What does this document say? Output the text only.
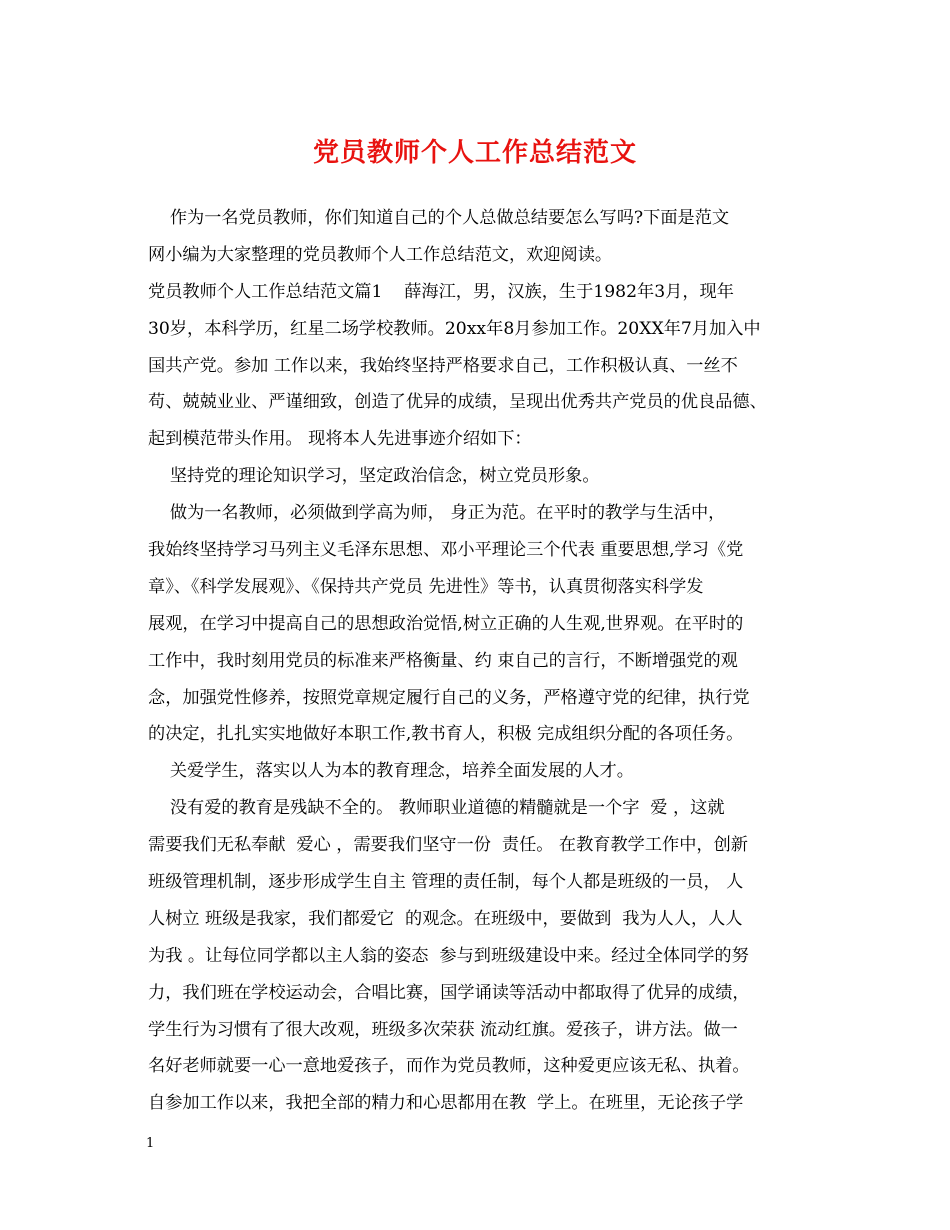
党员教师个人工作总结范文
作为一名党员教师，你们知道自己的个人总做总结要怎么写吗?下面是范文
网小编为大家整理的党员教师个人工作总结范文，欢迎阅读。
党员教师个人工作总结范文篇1    薛海江，男，汉族，生于1982年3月，现年
30岁，本科学历，红星二场学校教师。20xx年8月参加工作。20XX年7月加入中
国共产党。参加 工作以来，我始终坚持严格要求自己，工作积极认真、一丝不
苟、兢兢业业、严谨细致，创造了优异的成绩，呈现出优秀共产党员的优良品德、
起到模范带头作用。 现将本人先进事迹介绍如下：
坚持党的理论知识学习，坚定政治信念，树立党员形象。
做为一名教师，必须做到学高为师， 身正为范。在平时的教学与生活中，
我始终坚持学习马列主义毛泽东思想、邓小平理论三个代表 重要思想,学习《党
章》、《科学发展观》、《保持共产党员 先进性》等书，认真贯彻落实科学发
展观，在学习中提高自己的思想政治觉悟,树立正确的人生观,世界观。在平时的
工作中，我时刻用党员的标准来严格衡量、约 束自己的言行，不断增强党的观
念，加强党性修养，按照党章规定履行自己的义务，严格遵守党的纪律，执行党
的决定，扎扎实实地做好本职工作,教书育人，积极 完成组织分配的各项任务。
关爱学生，落实以人为本的教育理念，培养全面发展的人才。
没有爱的教育是残缺不全的。 教师职业道德的精髓就是一个字  爱 ，这就
需要我们无私奉献  爱心 ，需要我们坚守一份  责任。 在教育教学工作中，创新
班级管理机制，逐步形成学生自主 管理的责任制，每个人都是班级的一员， 人
人树立 班级是我家，我们都爱它  的观念。在班级中，要做到  我为人人，人人
为我 。让每位同学都以主人翁的姿态  参与到班级建设中来。经过全体同学的努
力，我们班在学校运动会，合唱比赛，国学诵读等活动中都取得了优异的成绩，
学生行为习惯有了很大改观，班级多次荣获 流动红旗。爱孩子，讲方法。做一
名好老师就要一心一意地爱孩子，而作为党员教师，这种爱更应该无私、执着。
自参加工作以来，我把全部的精力和心思都用在教  学上。在班里，无论孩子学
1
